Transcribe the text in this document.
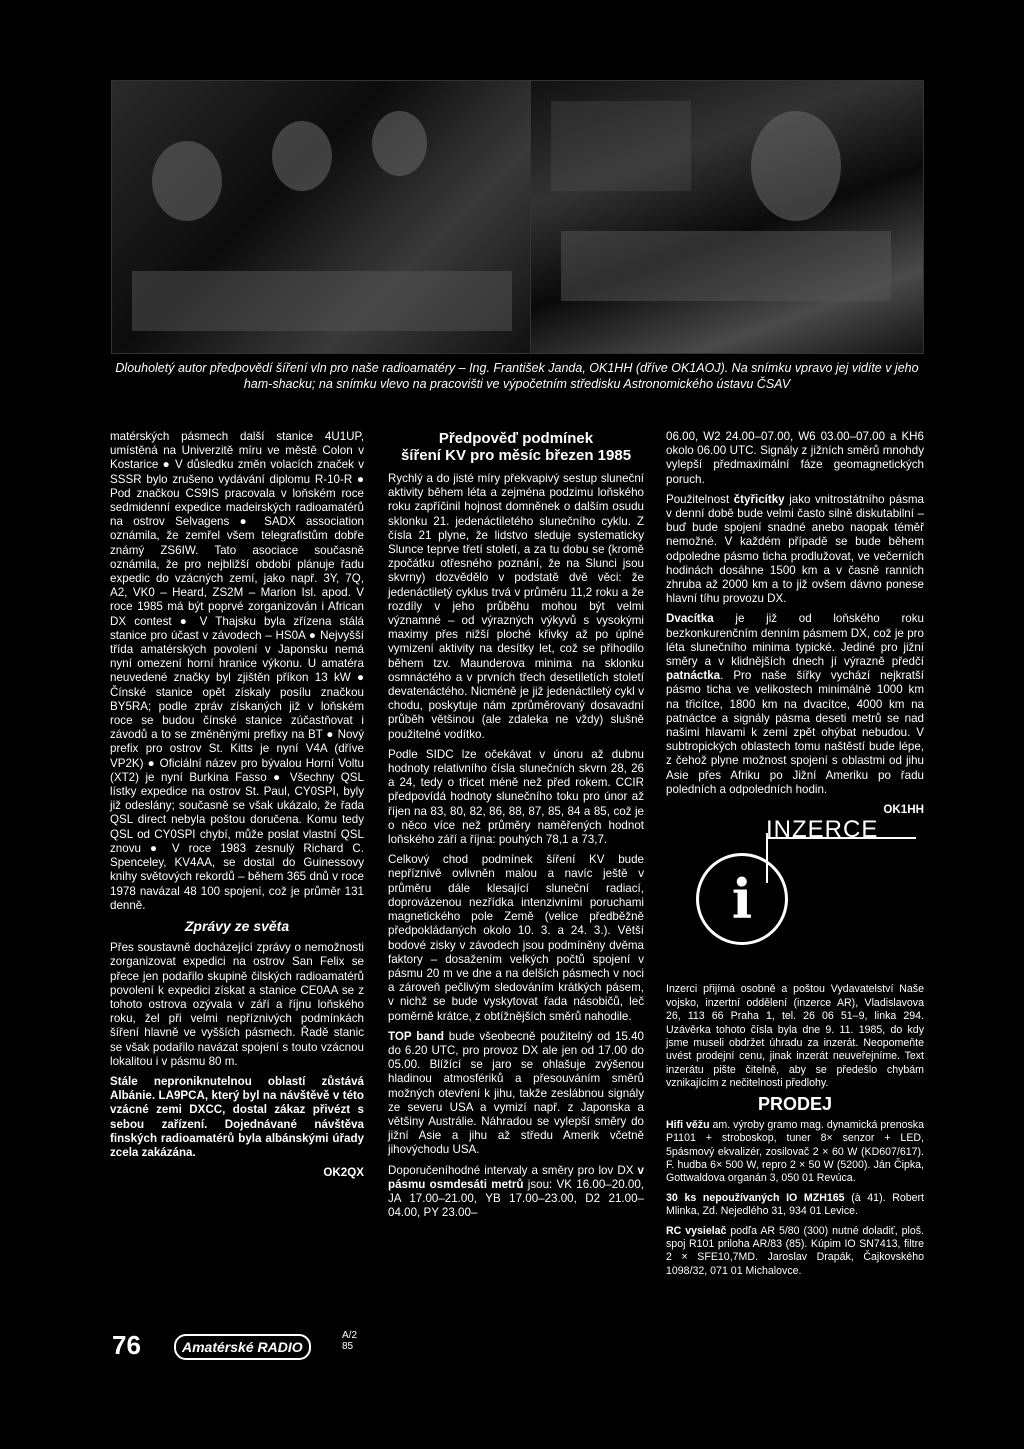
Dlouholetý autor předpovědí šíření vln pro naše radioamatéry – Ing. František Janda, OK1HH (dříve OK1AOJ). Na snímku vpravo jej vidíte v jeho ham-shacku; na snímku vlevo na pracovišti ve výpočetním středisku Astronomického ústavu ČSAV

matérských pásmech další stanice 4U1UP, umístěná na Univerzitě míru ve městě Colon v Kostarice ● V důsledku změn volacích značek v SSSR bylo zrušeno vydávání diplomu R-10-R ● Pod značkou CS9IS pracovala v loňském roce sedmidenní expedice madeirských radioamatérů na ostrov Selvagens ● SADX association oznámila, že zemřel všem telegrafistům dobře známý ZS6IW. Tato asociace současně oznámila, že pro nejbližší období plánuje řadu expedic do vzácných zemí, jako např. 3Y, 7Q, A2, VK0 – Heard, ZS2M – Marion Isl. apod. V roce 1985 má být poprvé zorganizován i African DX contest ● V Thajsku byla zřízena stálá stanice pro účast v závodech – HS0A ● Nejvyšší třída amatérských povolení v Japonsku nemá nyní omezení horní hranice výkonu. U amatéra neuvedené značky byl zjištěn příkon 13 kW ● Čínské stanice opět získaly posílu značkou BY5RA; podle zpráv získaných již v loňském roce se budou čínské stanice zúčastňovat i závodů a to se změněnými prefixy na BT ● Nový prefix pro ostrov St. Kitts je nyní V4A (dříve VP2K) ● Oficiální název pro bývalou Horní Voltu (XT2) je nyní Burkina Fasso ● Všechny QSL lístky expedice na ostrov St. Paul, CY0SPI, byly již odeslány; současně se však ukázalo, že řada QSL direct nebyla poštou doručena. Komu tedy QSL od CY0SPI chybí, může poslat vlastní QSL znovu ● V roce 1983 zesnulý Richard C. Spenceley, KV4AA, se dostal do Guinessovy knihy světových rekordů – během 365 dnů v roce 1978 navázal 48 100 spojení, což je průměr 131 denně.

Zprávy ze světa

Přes soustavně docházející zprávy o nemožnosti zorganizovat expedici na ostrov San Felix se přece jen podařilo skupině čilských radioamatérů povolení k expedici získat a stanice CE0AA se z tohoto ostrova ozývala v září a říjnu loňského roku, žel při velmi nepříznivých podmínkách šíření hlavně ve vyšších pásmech. Řadě stanic se však podařilo navázat spojení s touto vzácnou lokalitou i v pásmu 80 m.

Stále neproniknutelnou oblastí zůstává Albánie. LA9PCA, který byl na návštěvě v této vzácné zemi DXCC, dostal zákaz přivézt s sebou zařízení. Dojednávané návštěva finských radioamatérů byla albánskými úřady zcela zakázána.

OK2QX
Předpověď podmínek
šíření KV pro měsíc březen 1985

Rychlý a do jisté míry překvapivý sestup sluneční aktivity během léta a zejména podzimu loňského roku zapříčinil hojnost domněnek o dalším osudu sklonku 21. jedenáctiletého slunečního cyklu. Z čísla 21 plyne, že lidstvo sleduje systematicky Slunce teprve třetí století, a za tu dobu se (kromě zpočátku otřesného poznání, že na Slunci jsou skvrny) dozvědělo v podstatě dvě věci: že jedenáctiletý cyklus trvá v průměru 11,2 roku a že rozdíly v jeho průběhu mohou být velmi významné – od výrazných výkyvů s vysokými maximy přes nižší ploché křivky až po úplné vymizení aktivity na desítky let, což se přihodilo během tzv. Maunderova minima na sklonku osmnáctého a v prvních třech desetiletích století devatenáctého. Nicméně je již jedenáctiletý cykl v chodu, poskytuje nám zprůměrovaný dosavadní průběh většinou (ale zdaleka ne vždy) slušně použitelné vodítko.

Podle SIDC lze očekávat v únoru až dubnu hodnoty relativního čísla slunečních skvrn 28, 26 a 24, tedy o třicet méně než před rokem. CCIR předpovídá hodnoty slunečního toku pro únor až říjen na 83, 80, 82, 86, 88, 87, 85, 84 a 85, což je o něco více než průměry naměřených hodnot loňského září a října: pouhých 78,1 a 73,7.

Celkový chod podmínek šíření KV bude nepříznivě ovlivněn malou a navíc ještě v průměru dále klesající sluneční radiací, doprovázenou nezřídka intenzivními poruchami magnetického pole Země (velice předběžně předpokládaných okolo 10. 3. a 24. 3.). Větší bodové zisky v závodech jsou podmíněny dvěma faktory – dosažením velkých počtů spojení v pásmu 20 m ve dne a na delších pásmech v noci a zároveň pečlivým sledováním krátkých pásem, v nichž se bude vyskytovat řada násobičů, leč poměrně krátce, z obtížnějších směrů nahodile.

TOP band bude všeobecně použitelný od 15.40 do 6.20 UTC, pro provoz DX ale jen od 17.00 do 05.00. Blížící se jaro se ohlašuje zvýšenou hladinou atmosfériků a přesouváním směrů možných otevření k jihu, takže zeslábnou signály ze severu USA a vymizí např. z Japonska a většiny Austrálie. Náhradou se vylepší směry do jižní Asie a jihu až středu Amerik včetně jihovýchodu USA.

Doporučeníhodné intervaly a směry pro lov DX v pásmu osmdesáti metrů jsou: VK 16.00–20.00, JA 17.00–21.00, YB 17.00–23.00, D2 21.00–04.00, PY 23.00–

06.00, W2 24.00–07.00, W6 03.00–07.00 a KH6 okolo 06.00 UTC. Signály z jižních směrů mnohdy vylepší předmaximální fáze geomagnetických poruch.

Použitelnost čtyřicítky jako vnitrostátního pásma v denní době bude velmi často silně diskutabilní – buď bude spojení snadné anebo naopak téměř nemožné. V každém případě se bude během odpoledne pásmo ticha prodlužovat, ve večerních hodinách dosáhne 1500 km a v časně ranních zhruba až 2000 km a to již ovšem dávno ponese hlavní tíhu provozu DX.

Dvacítka je již od loňského roku bezkonkurenčním denním pásmem DX, což je pro léta slunečního minima typické. Jediné pro jižní směry a v klidnějších dnech jí výrazně předčí patnáctka. Pro naše šířky vychází nejkratší pásmo ticha ve velikostech minimálně 1000 km na třicítce, 1800 km na dvacítce, 4000 km na patnáctce a signály pásma deseti metrů se nad našimi hlavami k zemi zpět ohýbat nebudou. V subtropických oblastech tomu naštěstí bude lépe, z čehož plyne možnost spojení s oblastmi od jihu Asie přes Afriku po Jižní Ameriku po řadu poledních a odpoledních hodin.

OK1HH
INZERCE
i

Inzerci přijímá osobně a poštou Vydavatelství Naše vojsko, inzertní oddělení (inzerce AR), Vladislavova 26, 113 66 Praha 1, tel. 26 06 51–9, linka 294. Uzávěrka tohoto čísla byla dne 9. 11. 1985, do kdy jsme museli obdržet úhradu za inzerát. Neopomeňte uvést prodejní cenu, jinak inzerát neuveřejníme. Text inzerátu pište čitelně, aby se předešlo chybám vznikajícím z nečitelnosti předlohy.

PRODEJ

Hifi věžu am. výroby gramo mag. dynamická prenoska P1101 + stroboskop, tuner 8× senzor + LED, 5pásmový ekvalizér, zosilovač 2 × 60 W (KD607/617). F. hudba 6× 500 W, repro 2 × 50 W (5200). Ján Čipka, Gottwaldova organán 3, 050 01 Revúca.

30 ks nepoužívaných IO MZH165 (à 41). Robert Mlinka, Zd. Nejedlého 31, 934 01 Levice.

RC vysielač podľa AR 5/80 (300) nutné doladiť, ploš. spoj R101 priloha AR/83 (85). Kúpim IO SN7413, filtre 2 × SFE10,7MD. Jaroslav Drapák, Čajkovského 1098/32, 071 01 Michalovce.

76	Amatérské RADIO
A/2
85
